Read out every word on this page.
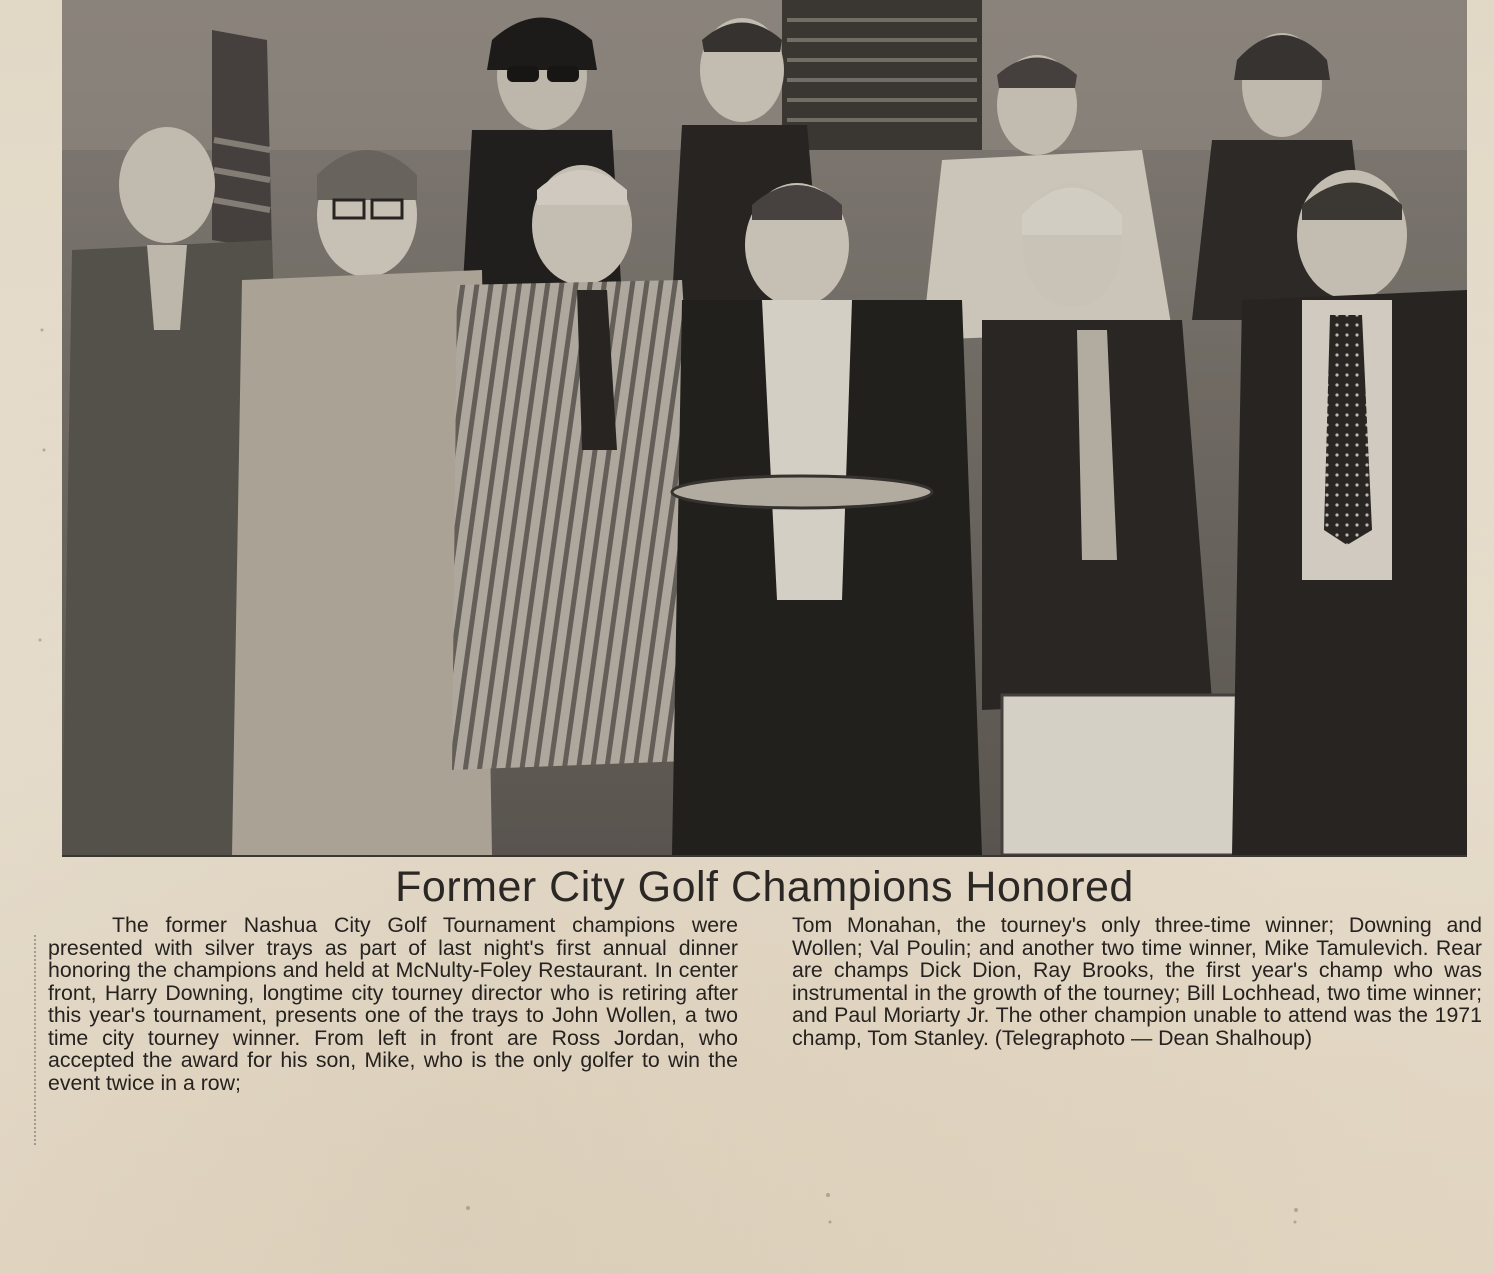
Former City Golf Champions Honored

The former Nashua City Golf Tournament champions were presented with silver trays as part of last night's first annual dinner honoring the champions and held at McNulty-Foley Restaurant. In center front, Harry Downing, longtime city tourney director who is retiring after this year's tournament, presents one of the trays to John Wollen, a two time city tourney winner. From left in front are Ross Jordan, who accepted the award for his son, Mike, who is the only golfer to win the event twice in a row;

Tom Monahan, the tourney's only three-time winner; Downing and Wollen; Val Poulin; and another two time winner, Mike Tamulevich. Rear are champs Dick Dion, Ray Brooks, the first year's champ who was instrumental in the growth of the tourney; Bill Lochhead, two time winner; and Paul Moriarty Jr. The other champion unable to attend was the 1971 champ, Tom Stanley. (Telegraphoto — Dean Shalhoup)
